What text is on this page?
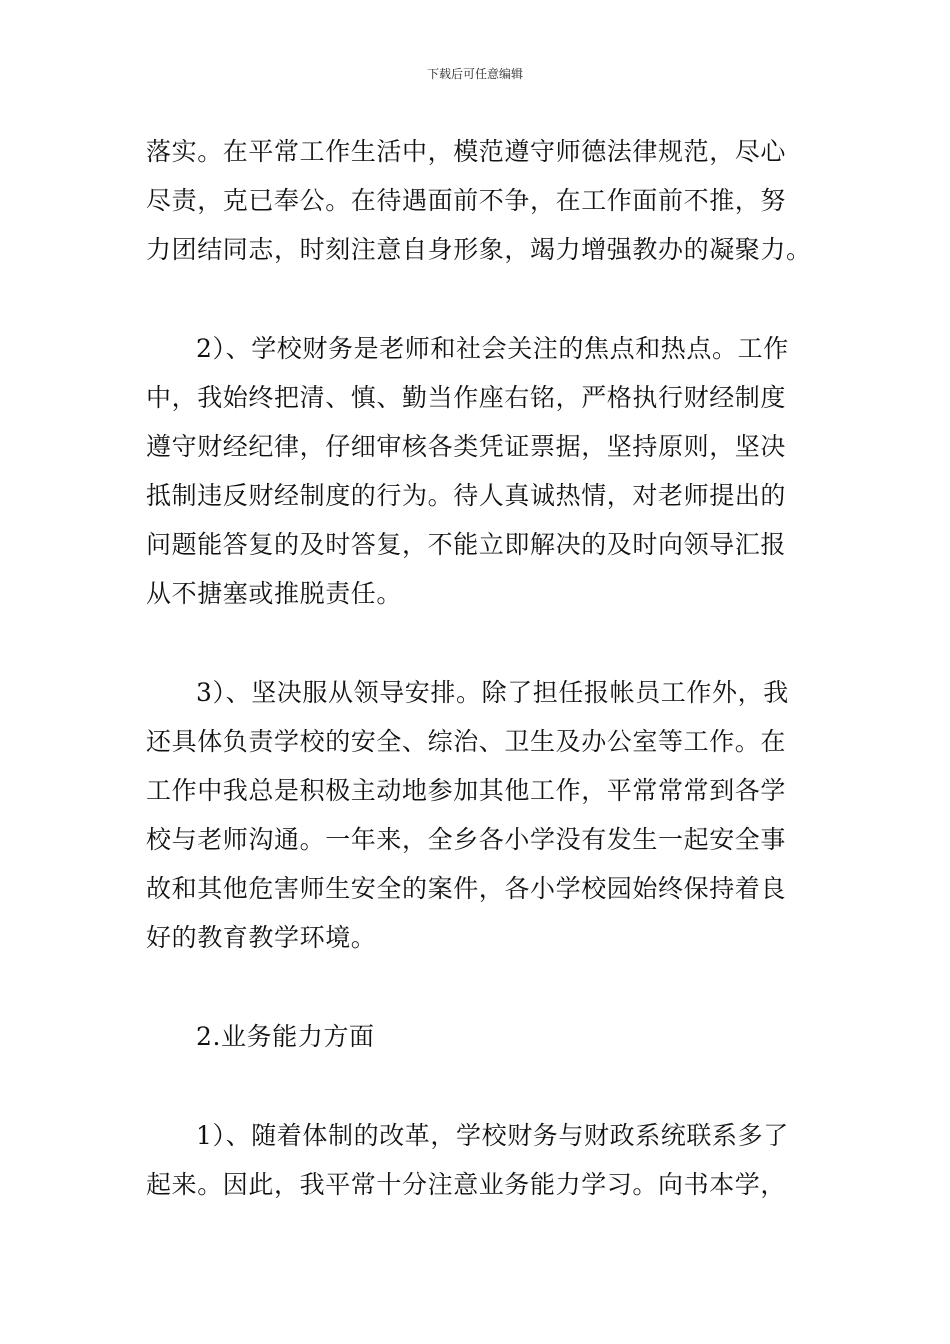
下载后可任意编辑
落实。在平常工作生活中，模范遵守师德法律规范，尽心
尽责，克已奉公。在待遇面前不争，在工作面前不推，努
力团结同志，时刻注意自身形象，竭力增强教办的凝聚力。
2）、学校财务是老师和社会关注的焦点和热点。工作
中，我始终把清、慎、勤当作座右铭，严格执行财经制度
遵守财经纪律，仔细审核各类凭证票据，坚持原则，坚决
抵制违反财经制度的行为。待人真诚热情，对老师提出的
问题能答复的及时答复，不能立即解决的及时向领导汇报
从不搪塞或推脱责任。
3）、坚决服从领导安排。除了担任报帐员工作外，我
还具体负责学校的安全、综治、卫生及办公室等工作。在
工作中我总是积极主动地参加其他工作，平常常常到各学
校与老师沟通。一年来，全乡各小学没有发生一起安全事
故和其他危害师生安全的案件，各小学校园始终保持着良
好的教育教学环境。
2.业务能力方面
1）、随着体制的改革，学校财务与财政系统联系多了
起来。因此，我平常十分注意业务能力学习。向书本学，
